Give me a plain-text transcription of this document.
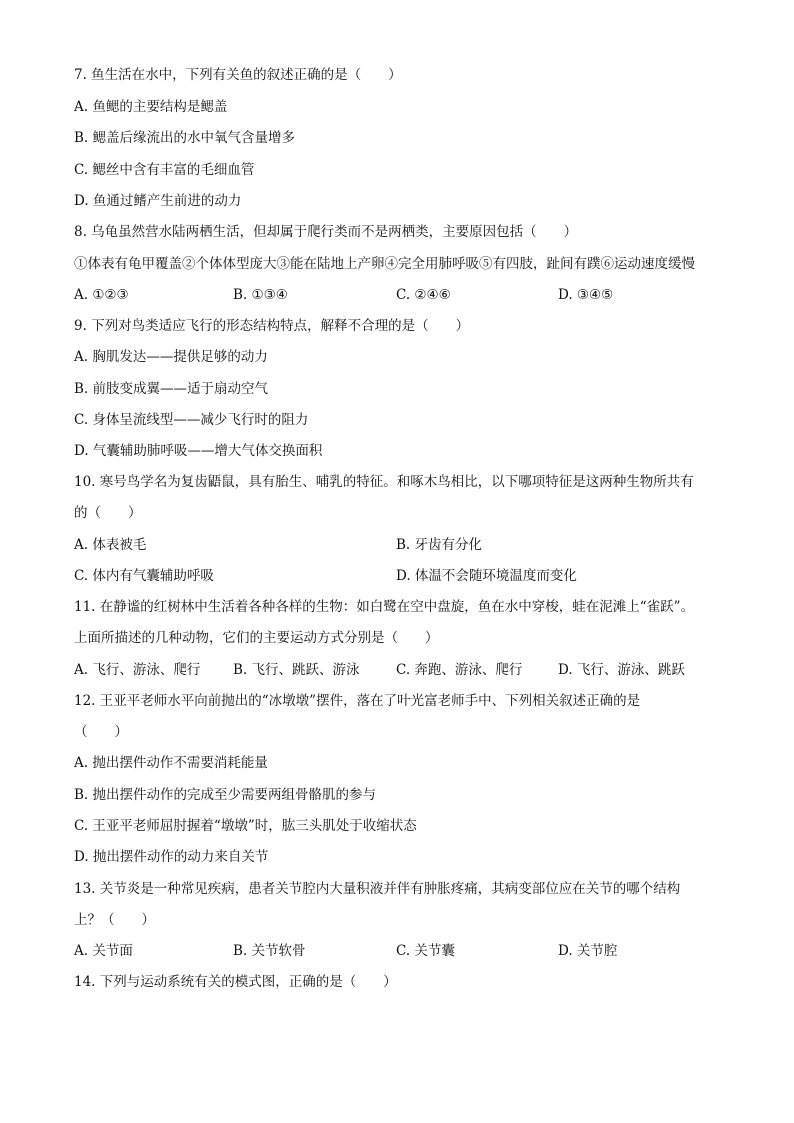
7. 鱼生活在水中，下列有关鱼的叙述正确的是（　　）
A. 鱼鳃的主要结构是鳃盖
B. 鳃盖后缘流出的水中氧气含量增多
C. 鳃丝中含有丰富的毛细血管
D. 鱼通过鳍产生前进的动力
8. 乌龟虽然营水陆两栖生活，但却属于爬行类而不是两栖类，主要原因包括（　　）
①体表有龟甲覆盖②个体体型庞大③能在陆地上产卵④完全用肺呼吸⑤有四肢，趾间有蹼⑥运动速度缓慢
A. ①②③	B. ①③④	C. ②④⑥	D. ③④⑤
9. 下列对鸟类适应飞行的形态结构特点，解释不合理的是（　　）
A. 胸肌发达——提供足够的动力
B. 前肢变成翼——适于扇动空气
C. 身体呈流线型——减少飞行时的阻力
D. 气囊辅助肺呼吸——增大气体交换面积
10. 寒号鸟学名为复齿鼯鼠，具有胎生、哺乳的特征。和啄木鸟相比，以下哪项特征是这两种生物所共有
的（　　）
A. 体表被毛	B. 牙齿有分化
C. 体内有气囊辅助呼吸	D. 体温不会随环境温度而变化
11. 在静谧的红树林中生活着各种各样的生物：如白鹭在空中盘旋，鱼在水中穿梭，蛙在泥滩上“雀跃”。
上面所描述的几种动物，它们的主要运动方式分别是（　　）
A. 飞行、游泳、爬行 B. 飞行、跳跃、游泳	C. 奔跑、游泳、爬行	D. 飞行、游泳、跳跃
12. 王亚平老师水平向前抛出的“冰墩墩”摆件，落在了叶光富老师手中、下列相关叙述正确的是
（　　）
A. 抛出摆件动作不需要消耗能量
B. 抛出摆件动作的完成至少需要两组骨骼肌的参与
C. 王亚平老师屈肘握着“墩墩”时，肱三头肌处于收缩状态
D. 抛出摆件动作的动力来自关节
13. 关节炎是一种常见疾病，患者关节腔内大量积液并伴有肿胀疼痛，其病变部位应在关节的哪个结构
上？（　　）
A. 关节面	B. 关节软骨	C. 关节囊	D. 关节腔
14. 下列与运动系统有关的模式图，正确的是（　　）
